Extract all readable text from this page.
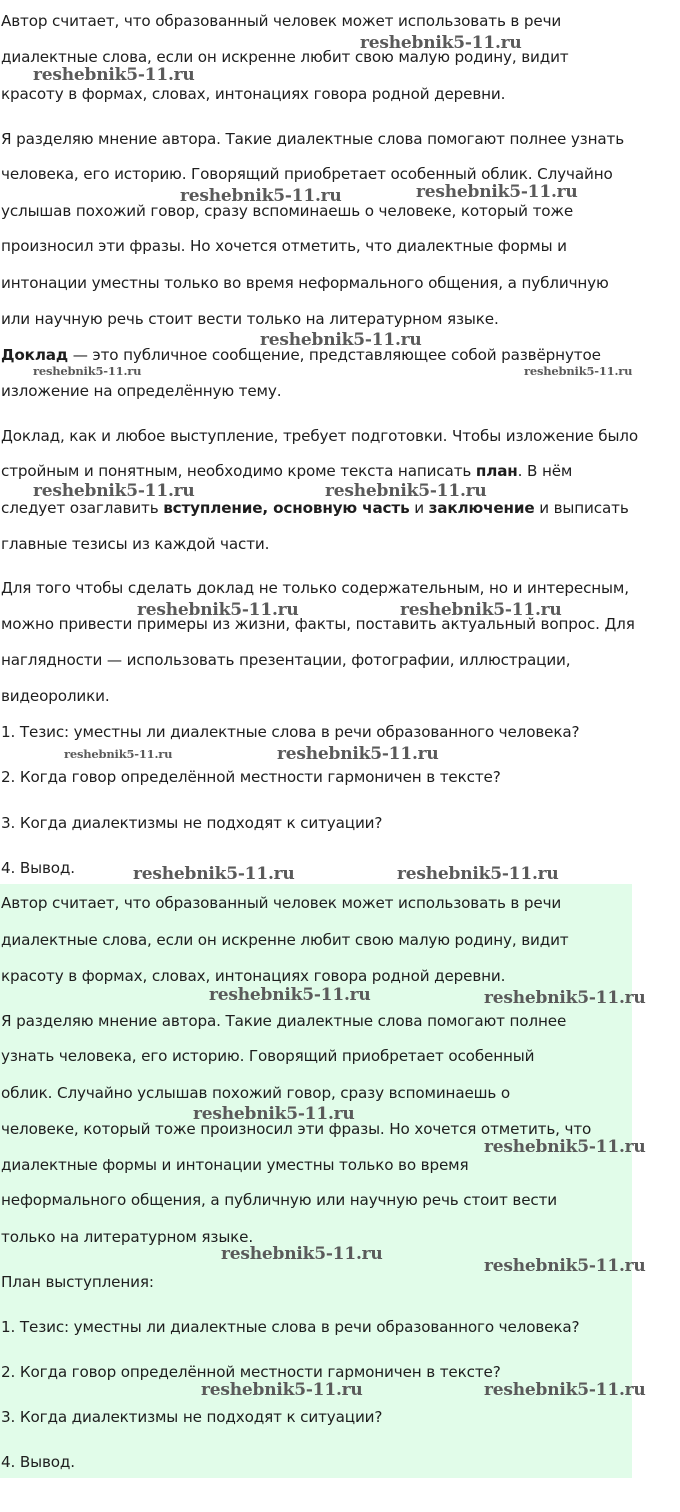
Автор считает, что образованный человек может использовать в речи
диалектные слова, если он искренне любит свою малую родину, видит
красоту в формах, словах, интонациях говора родной деревни.
Я разделяю мнение автора. Такие диалектные слова помогают полнее узнать
человека, его историю. Говорящий приобретает особенный облик. Случайно
услышав похожий говор, сразу вспоминаешь о человеке, который тоже
произносил эти фразы. Но хочется отметить, что диалектные формы и
интонации уместны только во время неформального общения, а публичную
или научную речь стоит вести только на литературном языке.
Доклад — это публичное сообщение, представляющее собой развёрнутое
изложение на определённую тему.
Доклад, как и любое выступление, требует подготовки. Чтобы изложение было
стройным и понятным, необходимо кроме текста написать план. В нём
следует озаглавить вступление, основную часть и заключение и выписать
главные тезисы из каждой части.
Для того чтобы сделать доклад не только содержательным, но и интересным,
можно привести примеры из жизни, факты, поставить актуальный вопрос. Для
наглядности — использовать презентации, фотографии, иллюстрации,
видеоролики.
1. Тезис: уместны ли диалектные слова в речи образованного человека?
2. Когда говор определённой местности гармоничен в тексте?
3. Когда диалектизмы не подходят к ситуации?
4. Вывод.
Автор считает, что образованный человек может использовать в речи
диалектные слова, если он искренне любит свою малую родину, видит
красоту в формах, словах, интонациях говора родной деревни.
Я разделяю мнение автора. Такие диалектные слова помогают полнее
узнать человека, его историю. Говорящий приобретает особенный
облик. Случайно услышав похожий говор, сразу вспоминаешь о
человеке, который тоже произносил эти фразы. Но хочется отметить, что
диалектные формы и интонации уместны только во время
неформального общения, а публичную или научную речь стоит вести
только на литературном языке.
План выступления:
1. Тезис: уместны ли диалектные слова в речи образованного человека?
2. Когда говор определённой местности гармоничен в тексте?
3. Когда диалектизмы не подходят к ситуации?
4. Вывод.
reshebnik5-11.ru
reshebnik5-11.ru
reshebnik5-11.ru	reshebnik5-11.ru
reshebnik5-11.ru
reshebnik5-11.ru	reshebnik5-11.ru
reshebnik5-11.ru	reshebnik5-11.ru
reshebnik5-11.ru	reshebnik5-11.ru
reshebnik5-11.ru	reshebnik5-11.ru
reshebnik5-11.ru	reshebnik5-11.ru
reshebnik5-11.ru	reshebnik5-11.ru
reshebnik5-11.ru
reshebnik5-11.ru
reshebnik5-11.ru
reshebnik5-11.ru
reshebnik5-11.ru	reshebnik5-11.ru
